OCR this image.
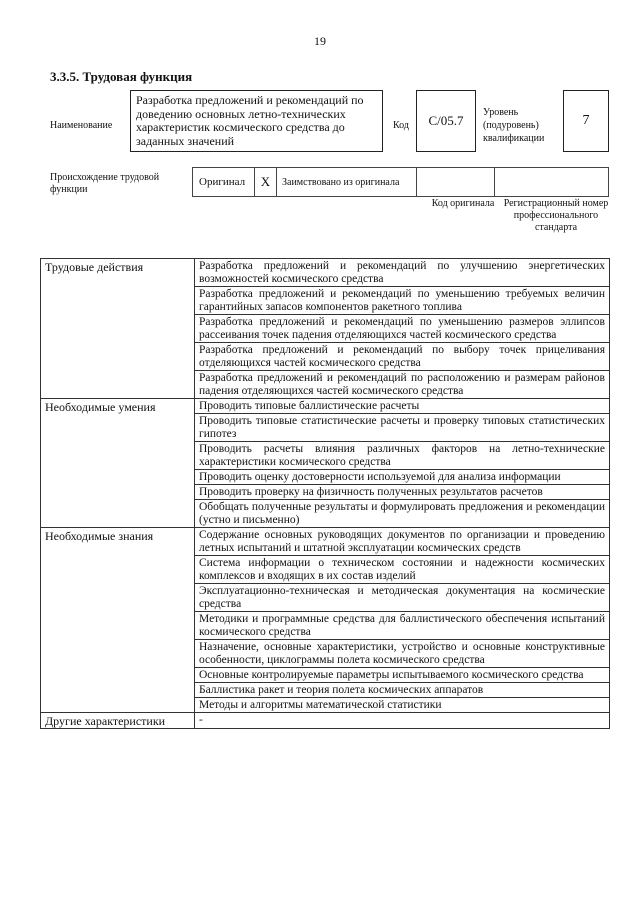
19
3.3.5. Трудовая функция
Наименование
Разработка предложений и рекомендаций по доведению основных летно-технических характеристик космического средства до заданных значений
Код	C/05.7
Уровень (подуровень) квалификации
7
Происхождение трудовой функции
Оригинал	X	Заимствовано из оригинала
Код оригинала Регистрационный номер профессионального стандарта
Трудовые действия	Разработка предложений и рекомендаций по улучшению энергетических возможностей космического средства
	Разработка предложений и рекомендаций по уменьшению требуемых величин гарантийных запасов компонентов ракетного топлива
	Разработка предложений и рекомендаций по уменьшению размеров эллипсов рассеивания точек падения отделяющихся частей космического средства
	Разработка предложений и рекомендаций по выбору точек прицеливания отделяющихся частей космического средства
	Разработка предложений и рекомендаций по расположению и размерам районов падения отделяющихся частей космического средства
Необходимые умения	Проводить типовые баллистические расчеты
	Проводить типовые статистические расчеты и проверку типовых статистических гипотез
	Проводить расчеты влияния различных факторов на летно-технические характеристики космического средства
	Проводить оценку достоверности используемой для анализа информации
	Проводить проверку на физичность полученных результатов расчетов
	Обобщать полученные результаты и формулировать предложения и рекомендации (устно и письменно)
Необходимые знания	Содержание основных руководящих документов по организации и проведению летных испытаний и штатной эксплуатации космических средств
	Система информации о техническом состоянии и надежности космических комплексов и входящих в их состав изделий
	Эксплуатационно-техническая и методическая документация на космические средства
	Методики и программные средства для баллистического обеспечения испытаний космического средства
	Назначение, основные характеристики, устройство и основные конструктивные особенности, циклограммы полета космического средства
	Основные контролируемые параметры испытываемого космического средства
	Баллистика ракет и теория полета космических аппаратов
	Методы и алгоритмы математической статистики
Другие характеристики	-
